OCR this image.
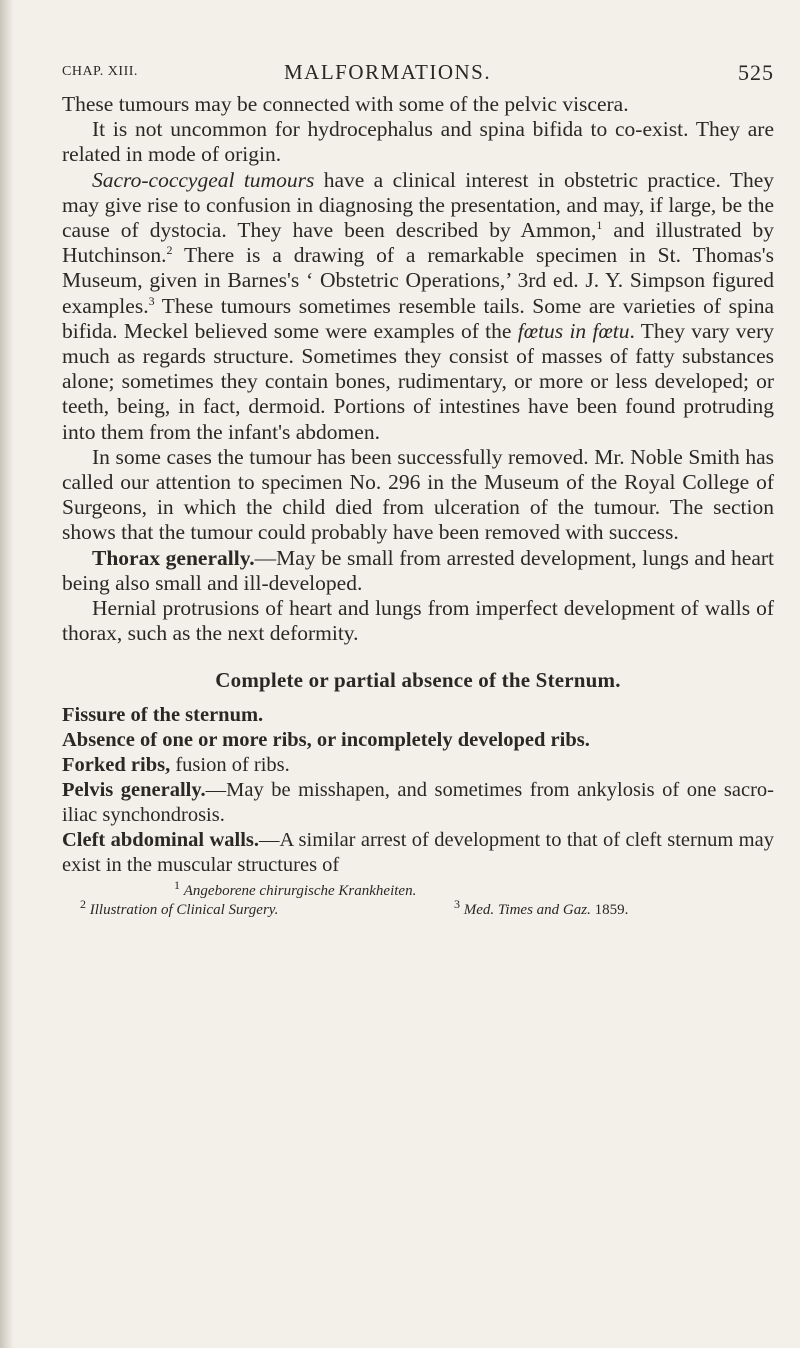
CHAP. XIII.	MALFORMATIONS.	525

These tumours may be connected with some of the pelvic viscera.

It is not uncommon for hydrocephalus and spina bifida to co-exist. They are related in mode of origin.

Sacro-coccygeal tumours have a clinical interest in obstetric practice. They may give rise to confusion in diagnosing the presentation, and may, if large, be the cause of dystocia. They have been described by Ammon,$^1$ and illustrated by Hutchinson.$^2$ There is a drawing of a remarkable specimen in St. Thomas's Museum, given in Barnes's ‘ Obstetric Operations,’ 3rd ed. J. Y. Simpson figured examples.$^3$ These tumours sometimes resemble tails. Some are varieties of spina bifida. Meckel believed some were examples of the fœtus in fœtu. They vary very much as regards structure. Sometimes they consist of masses of fatty substances alone; sometimes they contain bones, rudimentary, or more or less developed; or teeth, being, in fact, dermoid. Portions of intestines have been found protruding into them from the infant's abdomen.

In some cases the tumour has been successfully removed. Mr. Noble Smith has called our attention to specimen No. 296 in the Museum of the Royal College of Surgeons, in which the child died from ulceration of the tumour. The section shows that the tumour could probably have been removed with success.

Thorax generally.—May be small from arrested development, lungs and heart being also small and ill-developed.

Hernial protrusions of heart and lungs from imperfect development of walls of thorax, such as the next deformity.

Complete or partial absence of the Sternum.

Fissure of the sternum.

Absence of one or more ribs, or incompletely developed ribs.

Forked ribs, fusion of ribs.

Pelvis generally.—May be misshapen, and sometimes from ankylosis of one sacro-iliac synchondrosis.

Cleft abdominal walls.—A similar arrest of development to that of cleft sternum may exist in the muscular structures of

$^1$ Angeborene chirurgische Krankheiten.
$^2$ Illustration of Clinical Surgery.	$^3$ Med. Times and Gaz. 1859.
